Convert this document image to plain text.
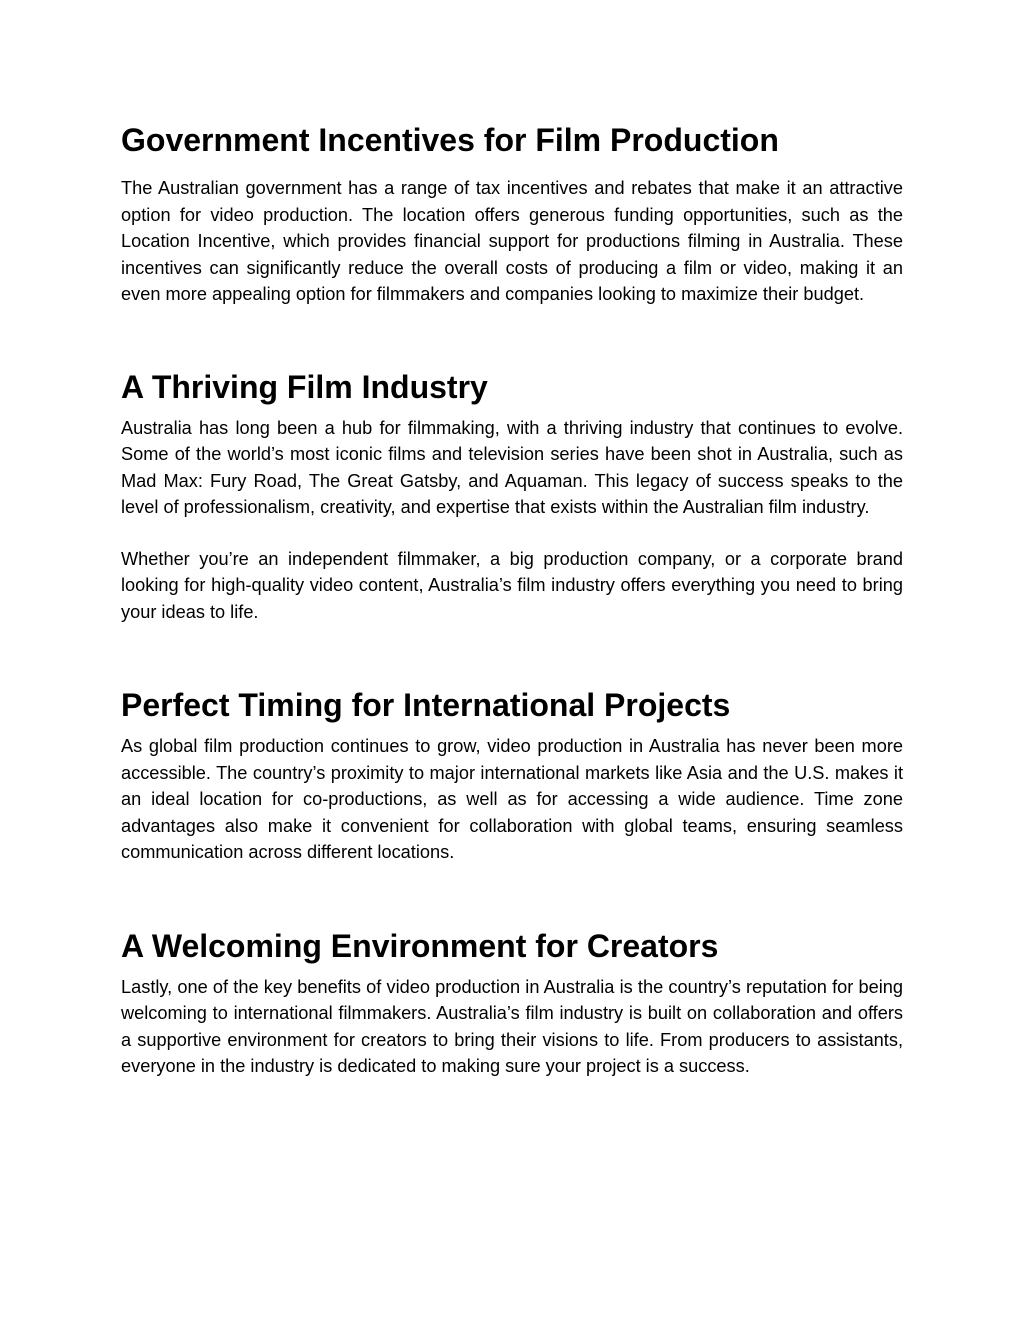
Government Incentives for Film Production

The Australian government has a range of tax incentives and rebates that make it an attractive option for video production. The location offers generous funding opportunities, such as the Location Incentive, which provides financial support for productions filming in Australia. These incentives can significantly reduce the overall costs of producing a film or video, making it an even more appealing option for filmmakers and companies looking to maximize their budget.

A Thriving Film Industry

Australia has long been a hub for filmmaking, with a thriving industry that continues to evolve. Some of the world’s most iconic films and television series have been shot in Australia, such as Mad Max: Fury Road, The Great Gatsby, and Aquaman. This legacy of success speaks to the level of professionalism, creativity, and expertise that exists within the Australian film industry.

Whether you’re an independent filmmaker, a big production company, or a corporate brand looking for high-quality video content, Australia’s film industry offers everything you need to bring your ideas to life.

Perfect Timing for International Projects

As global film production continues to grow, video production in Australia has never been more accessible. The country’s proximity to major international markets like Asia and the U.S. makes it an ideal location for co-productions, as well as for accessing a wide audience. Time zone advantages also make it convenient for collaboration with global teams, ensuring seamless communication across different locations.

A Welcoming Environment for Creators

Lastly, one of the key benefits of video production in Australia is the country’s reputation for being welcoming to international filmmakers. Australia’s film industry is built on collaboration and offers a supportive environment for creators to bring their visions to life. From producers to assistants, everyone in the industry is dedicated to making sure your project is a success.
